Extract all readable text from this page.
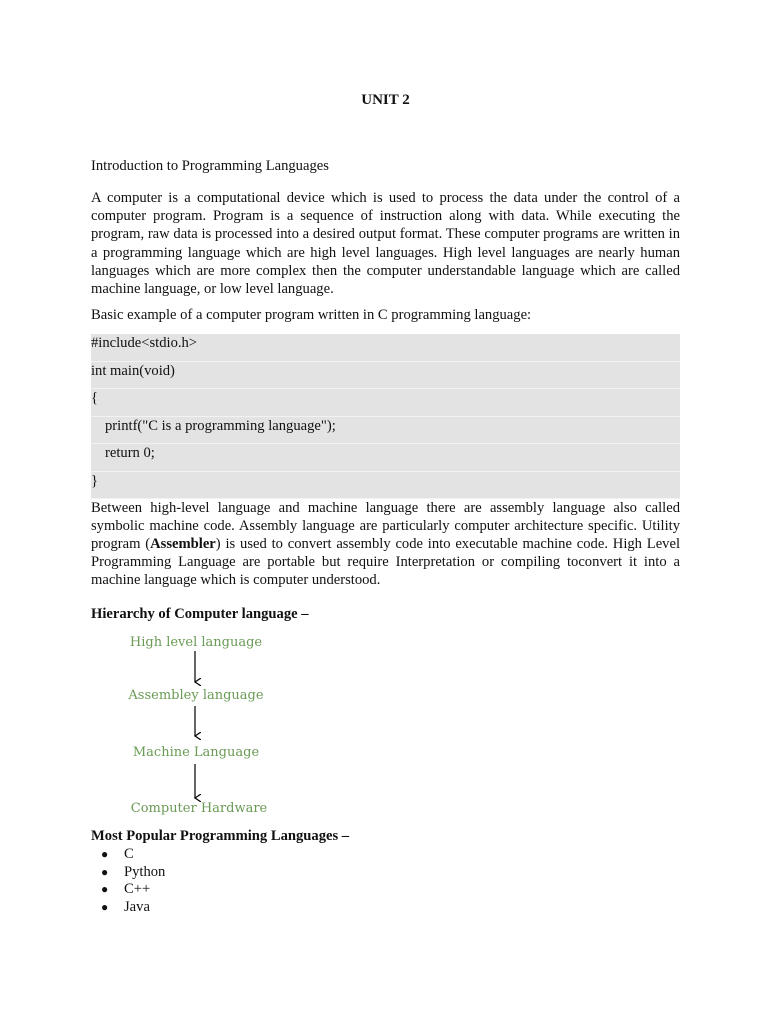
UNIT 2
Introduction to Programming Languages
A computer is a computational device which is used to process the data under the control of a computer program. Program is a sequence of instruction along with data. While executing the program, raw data is processed into a desired output format. These computer programs are written in a programming language which are high level languages. High level languages are nearly human languages which are more complex then the computer understandable language which are called machine language, or low level language.
Basic example of a computer program written in C programming language:
#include<stdio.h>
int main(void)
{
printf("C is a programming language");
return 0;
}
Between high-level language and machine language there are assembly language also called symbolic machine code. Assembly language are particularly computer architecture specific. Utility program (Assembler) is used to convert assembly code into executable machine code. High Level Programming Language are portable but require Interpretation or compiling toconvert it into a machine language which is computer understood.
Hierarchy of Computer language –
High level language
Assembley language
Machine Language
Computer Hardware
Most Popular Programming Languages –
● C
● Python
● C++
● Java
